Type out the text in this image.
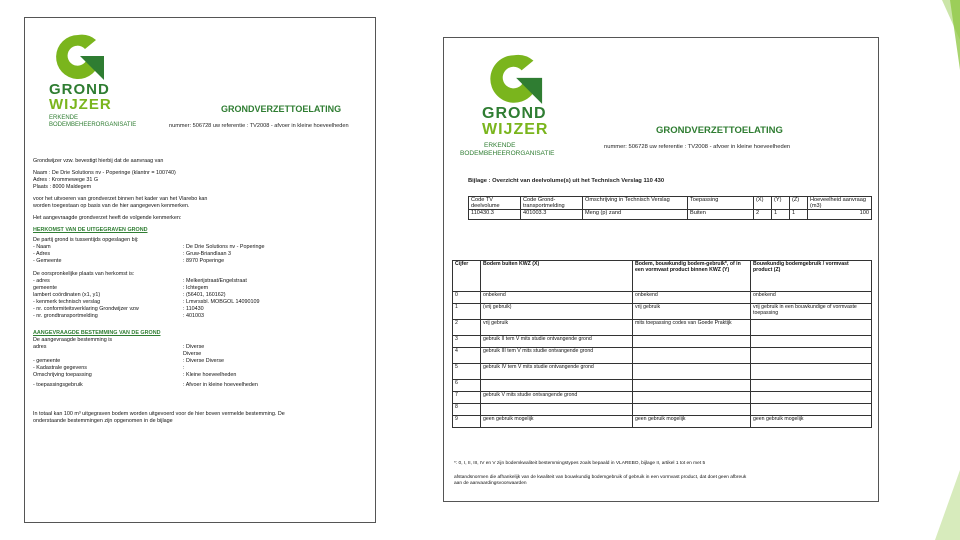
GROND
WIJZER
ERKENDE
BODEMBEHEERORGANISATIE
GRONDVERZETTOELATING
nummer: 506728 uw referentie : TV2008 - afvoer in kleine hoeveelheden

Grondwijzer vzw. bevestigt hierbij dat de aanvraag van

Naam : De Drie Solutions nv - Poperinge (klantnr = 100740)

Adres : Krommewege 31 G

Plaats : 8000 Maldegem

voor het uitvoeren van grondverzet binnen het kader van het Vlarebo kan

worden toegestaan op basis van de hier aangegeven kenmerken.

Het aangevraagde grondverzet heeft de volgende kenmerken:

HERKOMST VAN DE UITGEGRAVEN GROND

De partij grond is tussentijds opgeslagen bij:

- Naam	: De Drie Solutions nv - Poperinge
- Adres	: Gruw-Briandlaan 3
- Gemeente	: 8970 Poperinge

De oorspronkelijke plaats van herkomst is:

- adres	: Melkerijstraat/Engelstraat
gemeente	: Ichtegem
lambert coördinaten (x1, y1)	: (56401, 160162)
- kenmerk technisch verslag	: Lmvrssbl. MOBGOL 14090109
- nr. conformiteitsverklaring Grondwijzer vzw	: 110430
- nr. grondtransportmelding	: 401003

AANGEVRAAGDE BESTEMMING VAN DE GROND

De aangevraagde bestemming is

adres	: Diverse
Diverse
- gemeente	: Diverse Diverse
- Kadastrale gegevens	:
Omschrijving toepassing	: Kleine hoeveelheden
- toepassingsgebruik	: Afvoer in kleine hoeveelheden

In totaal kan 100 m³ uitgegraven bodem worden uitgevoerd voor de hier boven vermelde bestemming. De

onderstaande bestemmingen zijn opgenomen in de bijlage

GROND
WIJZER
ERKENDE
BODEMBEHEERORGANISATIE
GRONDVERZETTOELATING
nummer: 506728 uw referentie : TV2008 - afvoer in kleine hoeveelheden
Bijlage : Overzicht van deelvolume(s) uit het Technisch Verslag 110 430
Code TV deelvolume	Code Grond-transportmelding	Omschrijving in Technisch Verslag	Toepassing	(X)	(Y)	(Z)	Hoeveelheid aanvraag (m3)
110430.3	401003.3	Meng (p) zand	Buiten	2	1	1	100
Cijfer	Bodem buiten KWZ (X)	Bodem, bouwkundig bodem-gebruik*, of in een vormvast product binnen KWZ (Y)	Bouwkundig bodemgebruik / vormvast product (Z)
0	onbekend	onbekend	onbekend
1	(vrij gebruik)	vrij gebruik	vrij gebruik in een bouwkundige of vormvaste toepassing
2	vrij gebruik	mits toepassing codes van Goede Praktijk	
3	gebruik II tem V mits studie ontvangende grond		
4	gebruik III tem V mits studie ontvangende grond		
5	gebruik IV tem V mits studie ontvangende grond		
6			
7	gebruik V mits studie ontvangende grond		
8			
9	geen gebruik mogelijk	geen gebruik mogelijk	geen gebruik mogelijk
*: 0, I, II, III, IV en V zijn bodemkwaliteit bestemmingstypes zoals bepaald in VLAREBO, bijlage II, artikel 1 tot en met 5
afstandsnormen die afhankelijk van de kwaliteit van bouwkundig bodemgebruik of gebruik in een vormvast product, dat doet geen afbreuk
aan de aanvaardingsvoorwaarden
